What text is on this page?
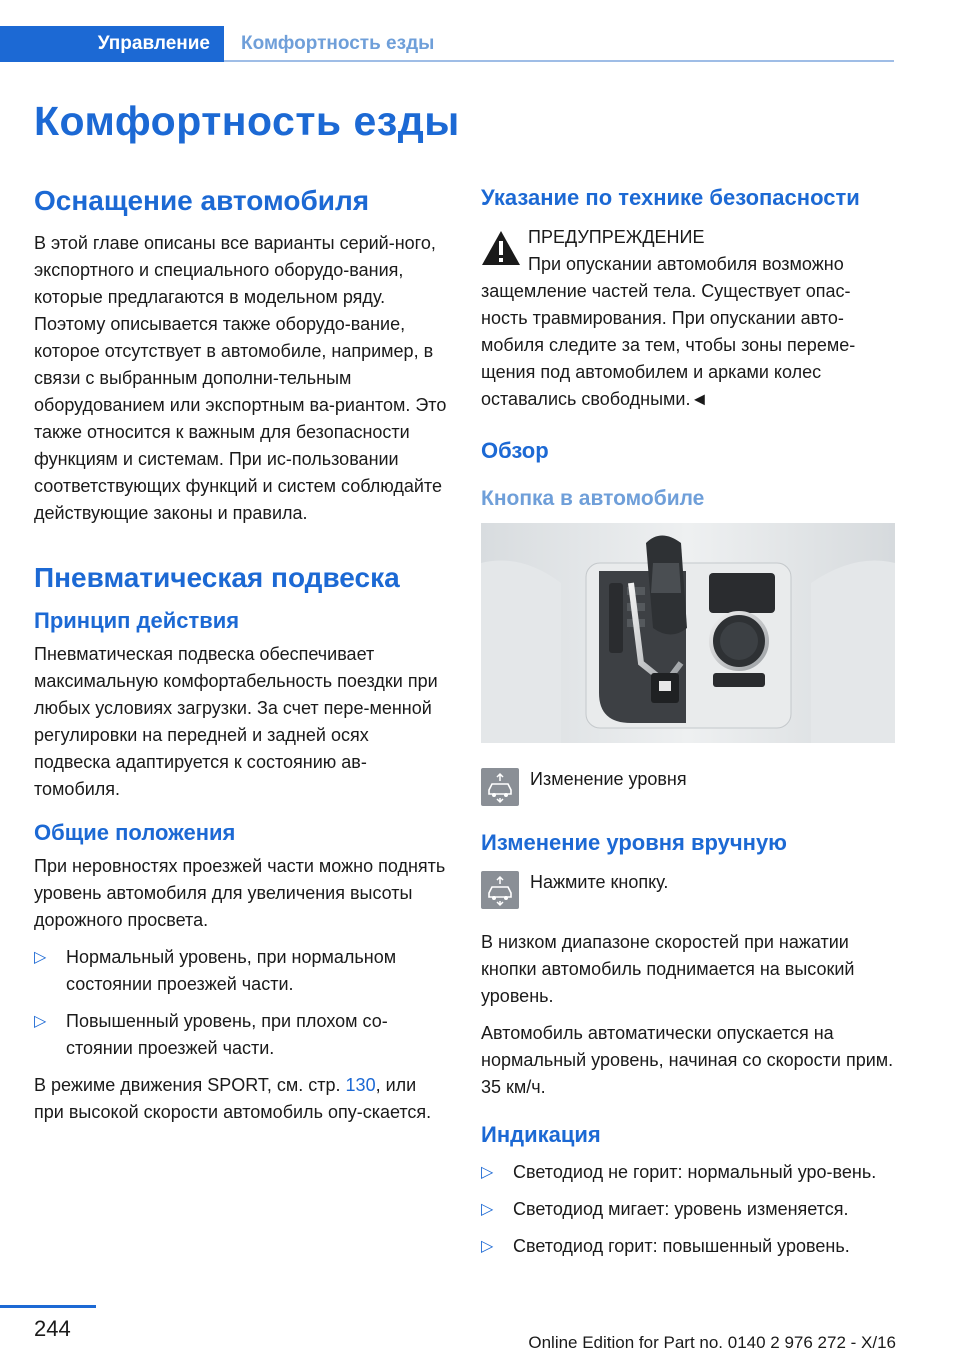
Управление	Комфортность езды
Комфортность езды
Оснащение автомобиля

В этой главе описаны все варианты серий-ного, экспортного и специального оборудо-вания, которые предлагаются в модельном ряду. Поэтому описывается также оборудо-вание, которое отсутствует в автомобиле, например, в связи с выбранным дополни-тельным оборудованием или экспортным ва-риантом. Это также относится к важным для безопасности функциям и системам. При ис-пользовании соответствующих функций и систем соблюдайте действующие законы и правила.

Пневматическая подвеска
Принцип действия

Пневматическая подвеска обеспечивает максимальную комфортабельность поездки при любых условиях загрузки. За счет пере-менной регулировки на передней и задней осях подвеска адаптируется к состоянию ав-томобиля.

Общие положения

При неровностях проезжей части можно поднять уровень автомобиля для увеличения высоты дорожного просвета.

▷ Нормальный уровень, при нормальном состоянии проезжей части.
▷ Повышенный уровень, при плохом со-стоянии проезжей части.

В режиме движения SPORT, см. стр. 130, или при высокой скорости автомобиль опу-скается.

Указание по технике безопасности

ПРЕДУПРЕЖДЕНИЕ

При опускании автомобиля возможно защемление частей тела. Существует опас-ность травмирования. При опускании авто-мобиля следите за тем, чтобы зоны переме-щения под автомобилем и арками колес оставались свободными.◄

Обзор
Кнопка в автомобиле

Изменение уровня

Изменение уровня вручную

Нажмите кнопку.

В низком диапазоне скоростей при нажатии кнопки автомобиль поднимается на высокий уровень.

Автомобиль автоматически опускается на нормальный уровень, начиная со скорости прим. 35 км/ч.

Индикация
▷ Светодиод не горит: нормальный уро-вень.
▷ Светодиод мигает: уровень изменяется.
▷ Светодиод горит: повышенный уровень.
244
Online Edition for Part no. 0140 2 976 272 - X/16
